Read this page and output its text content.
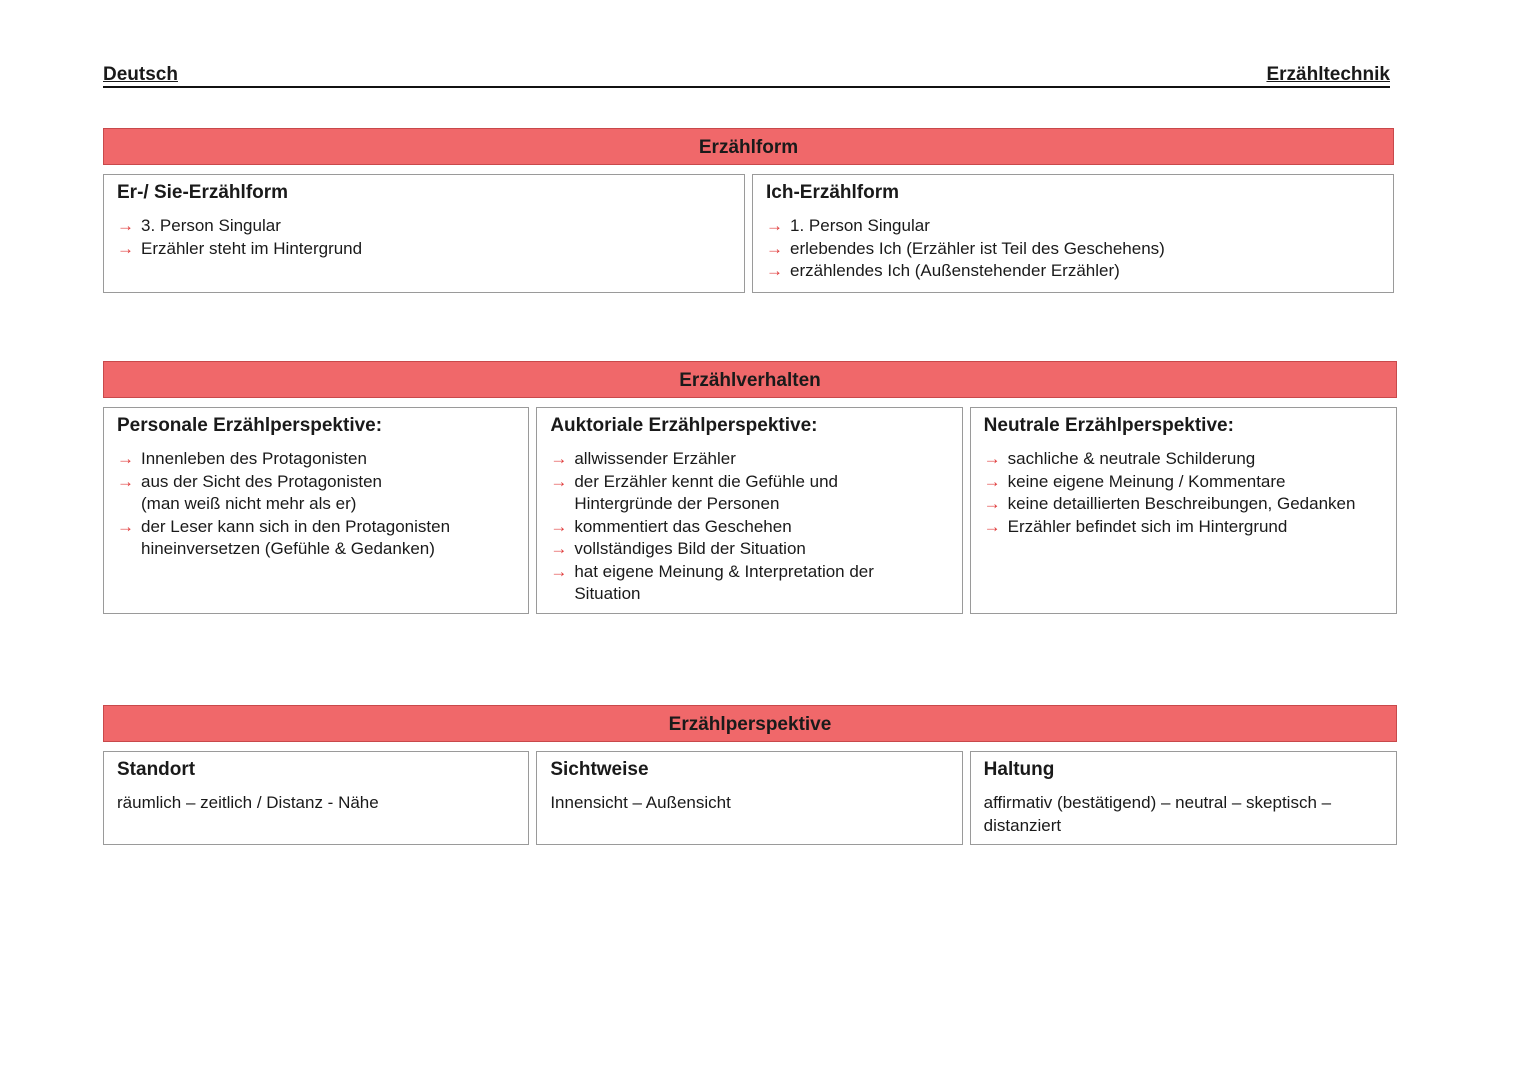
Deutsch	Erzähltechnik
Erzählform
Er-/ Sie-Erzählform
→ 3. Person Singular
→ Erzähler steht im Hintergrund
Ich-Erzählform
→ 1. Person Singular
→ erlebendes Ich (Erzähler ist Teil des Geschehens)
→ erzählendes Ich (Außenstehender Erzähler)
Erzählverhalten
Personale Erzählperspektive:
→ Innenleben des Protagonisten
→ aus der Sicht des Protagonisten
(man weiß nicht mehr als er)
→ der Leser kann sich in den Protagonisten
hineinversetzen (Gefühle & Gedanken)
Auktoriale Erzählperspektive:
→ allwissender Erzähler
→ der Erzähler kennt die Gefühle und
Hintergründe der Personen
→ kommentiert das Geschehen
→ vollständiges Bild der Situation
→ hat eigene Meinung & Interpretation der
Situation
Neutrale Erzählperspektive:
→ sachliche & neutrale Schilderung
→ keine eigene Meinung / Kommentare
→ keine detaillierten Beschreibungen, Gedanken
→ Erzähler befindet sich im Hintergrund
Erzählperspektive
Standort
räumlich – zeitlich / Distanz - Nähe
Sichtweise
Innensicht – Außensicht
Haltung
affirmativ (bestätigend) – neutral – skeptisch –
distanziert
